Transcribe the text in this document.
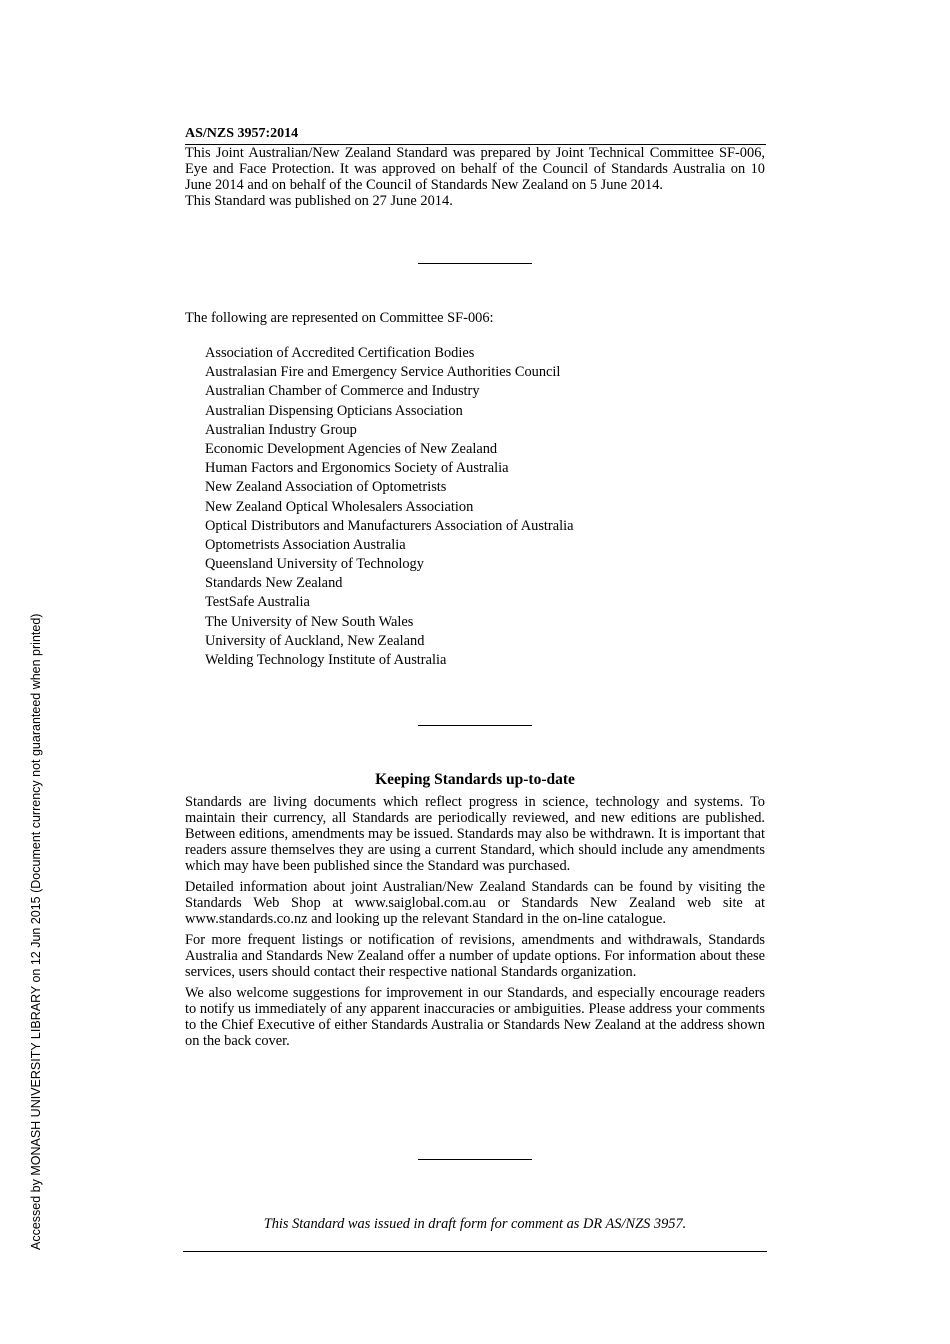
Accessed by MONASH UNIVERSITY LIBRARY on 12 Jun 2015 (Document currency not guaranteed when printed)
AS/NZS 3957:2014

This Joint Australian/New Zealand Standard was prepared by Joint Technical Committee SF-006, Eye and Face Protection. It was approved on behalf of the Council of Standards Australia on 10 June 2014 and on behalf of the Council of Standards New Zealand on 5 June 2014.

This Standard was published on 27 June 2014.

The following are represented on Committee SF-006:
Association of Accredited Certification Bodies
Australasian Fire and Emergency Service Authorities Council
Australian Chamber of Commerce and Industry
Australian Dispensing Opticians Association
Australian Industry Group
Economic Development Agencies of New Zealand
Human Factors and Ergonomics Society of Australia
New Zealand Association of Optometrists
New Zealand Optical Wholesalers Association
Optical Distributors and Manufacturers Association of Australia
Optometrists Association Australia
Queensland University of Technology
Standards New Zealand
TestSafe Australia
The University of New South Wales
University of Auckland, New Zealand
Welding Technology Institute of Australia
Keeping Standards up-to-date

Standards are living documents which reflect progress in science, technology and systems. To maintain their currency, all Standards are periodically reviewed, and new editions are published. Between editions, amendments may be issued. Standards may also be withdrawn. It is important that readers assure themselves they are using a current Standard, which should include any amendments which may have been published since the Standard was purchased.

Detailed information about joint Australian/New Zealand Standards can be found by visiting the Standards Web Shop at www.saiglobal.com.au or Standards New Zealand web site at www.standards.co.nz and looking up the relevant Standard in the on-line catalogue.

For more frequent listings or notification of revisions, amendments and withdrawals, Standards Australia and Standards New Zealand offer a number of update options. For information about these services, users should contact their respective national Standards organization.

We also welcome suggestions for improvement in our Standards, and especially encourage readers to notify us immediately of any apparent inaccuracies or ambiguities. Please address your comments to the Chief Executive of either Standards Australia or Standards New Zealand at the address shown on the back cover.

This Standard was issued in draft form for comment as DR AS/NZS 3957.
